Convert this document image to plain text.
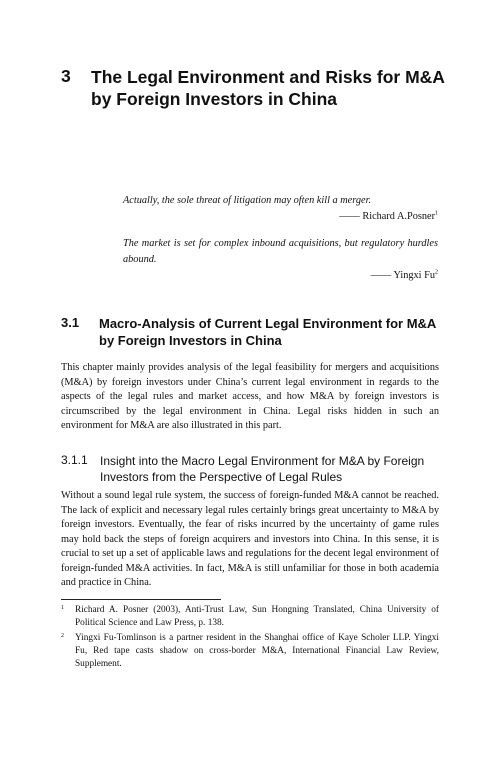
3 The Legal Environment and Risks for M&A by Foreign Investors in China
Actually, the sole threat of litigation may often kill a merger.
—— Richard A.Posner$^1$
The market is set for complex inbound acquisitions, but regulatory hurdles abound.
—— Yingxi Fu$^2$
3.1 Macro-Analysis of Current Legal Environment for M&A by Foreign Investors in China

This chapter mainly provides analysis of the legal feasibility for mergers and acquisitions (M&A) by foreign investors under China’s current legal environment in regards to the aspects of the legal rules and market access, and how M&A by foreign investors is circumscribed by the legal environment in China. Legal risks hidden in such an environment for M&A are also illustrated in this part.

3.1.1 Insight into the Macro Legal Environment for M&A by Foreign Investors from the Perspective of Legal Rules

Without a sound legal rule system, the success of foreign-funded M&A cannot be reached. The lack of explicit and necessary legal rules certainly brings great uncertainty to M&A by foreign investors. Eventually, the fear of risks incurred by the uncertainty of game rules may hold back the steps of foreign acquirers and investors into China. In this sense, it is crucial to set up a set of applicable laws and regulations for the decent legal environment of foreign-funded M&A activities. In fact, M&A is still unfamiliar for those in both academia and practice in China.

1 Richard A. Posner (2003), Anti-Trust Law, Sun Hongning Translated, China University of Political Science and Law Press, p. 138.
2 Yingxi Fu-Tomlinson is a partner resident in the Shanghai office of Kaye Scholer LLP. Yingxi Fu, Red tape casts shadow on cross-border M&A, International Financial Law Review, Supplement.
